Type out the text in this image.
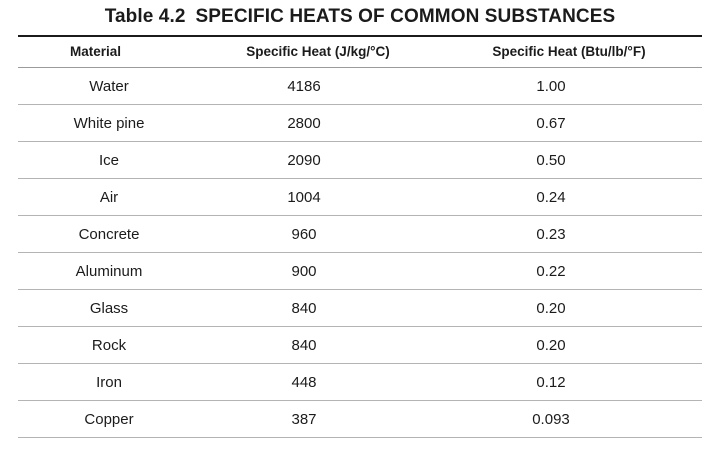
Table 4.2 SPECIFIC HEATS OF COMMON SUBSTANCES
Material	Specific Heat (J/kg/°C)	Specific Heat (Btu/lb/°F)
Water	4186	1.00
White pine	2800	0.67
Ice	2090	0.50
Air	1004	0.24
Concrete	960	0.23
Aluminum	900	0.22
Glass	840	0.20
Rock	840	0.20
Iron	448	0.12
Copper	387	0.093
